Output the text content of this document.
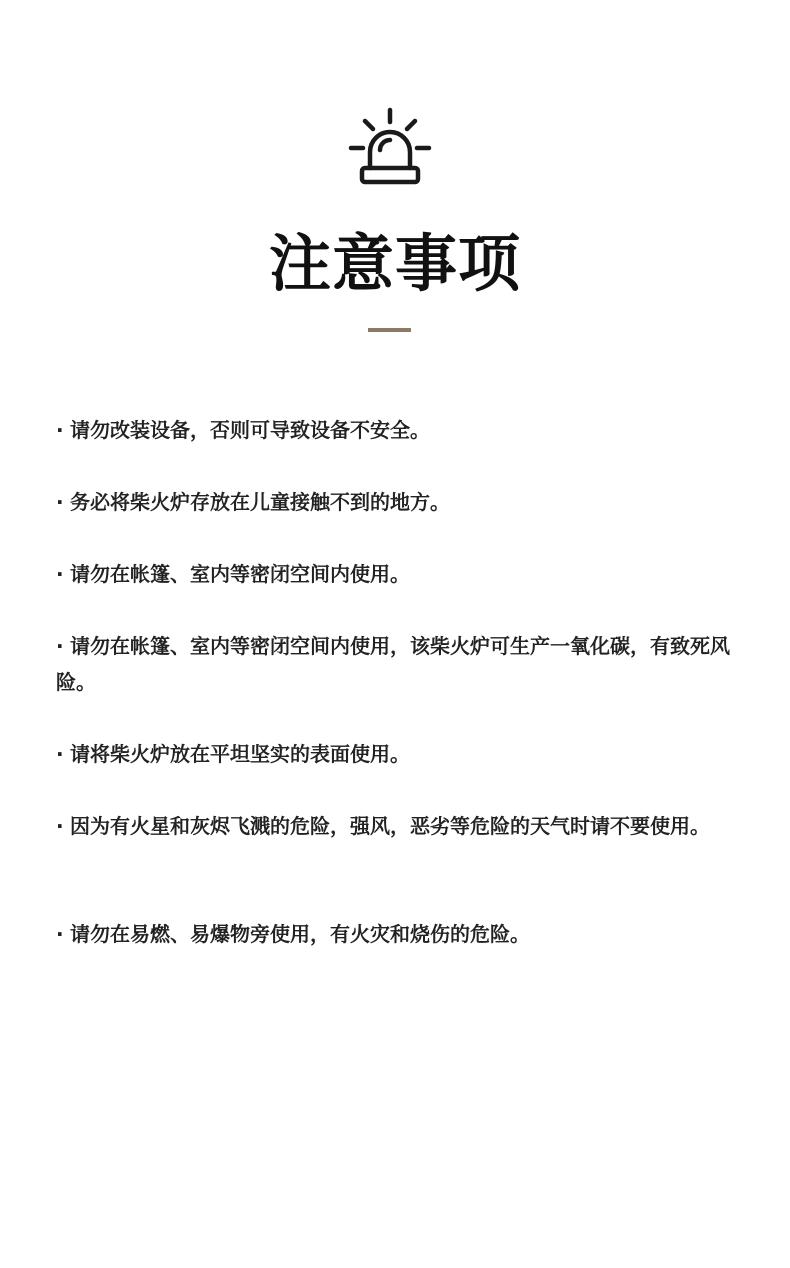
注意事项
· 请勿改装设备，否则可导致设备不安全。
· 务必将柴火炉存放在儿童接触不到的地方。
· 请勿在帐篷、室内等密闭空间内使用。
· 请勿在帐篷、室内等密闭空间内使用，该柴火炉可生产一氧化碳，有致死风险。
· 请将柴火炉放在平坦坚实的表面使用。
· 因为有火星和灰烬飞溅的危险，强风，恶劣等危险的天气时请不要使用。
· 请勿在易燃、易爆物旁使用，有火灾和烧伤的危险。
